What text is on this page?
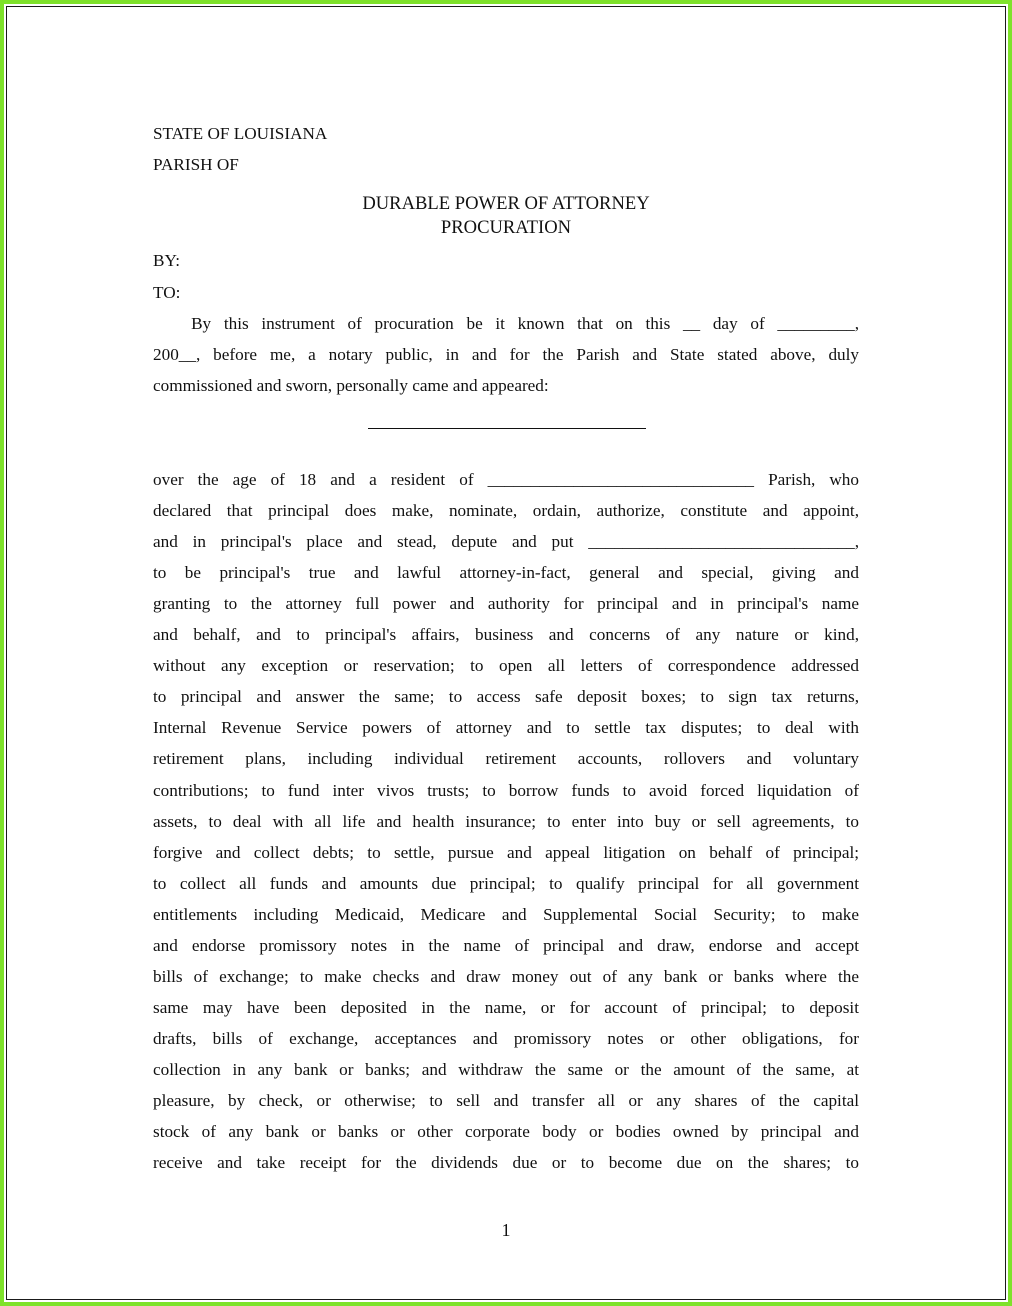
STATE OF LOUISIANA
PARISH OF
DURABLE POWER OF ATTORNEY
PROCURATION
BY:
TO:
By this instrument of procuration be it known that on this __ day of _________,
200__, before me, a notary public, in and for the Parish and State stated above, duly
commissioned and sworn, personally came and appeared:
over the age of 18 and a resident of _______________________________ Parish, who
declared that principal does make, nominate, ordain, authorize, constitute and appoint,
and in principal's place and stead, depute and put _______________________________,
to be principal's true and lawful attorney-in-fact, general and special, giving and
granting to the attorney full power and authority for principal and in principal's name
and behalf, and to principal's affairs, business and concerns of any nature or kind,
without any exception or reservation; to open all letters of correspondence addressed
to principal and answer the same; to access safe deposit boxes; to sign tax returns,
Internal Revenue Service powers of attorney and to settle tax disputes; to deal with
retirement plans, including individual retirement accounts, rollovers and voluntary
contributions; to fund inter vivos trusts; to borrow funds to avoid forced liquidation of
assets, to deal with all life and health insurance; to enter into buy or sell agreements, to
forgive and collect debts; to settle, pursue and appeal litigation on behalf of principal;
to collect all funds and amounts due principal; to qualify principal for all government
entitlements including Medicaid, Medicare and Supplemental Social Security; to make
and endorse promissory notes in the name of principal and draw, endorse and accept
bills of exchange; to make checks and draw money out of any bank or banks where the
same may have been deposited in the name, or for account of principal; to deposit
drafts, bills of exchange, acceptances and promissory notes or other obligations, for
collection in any bank or banks; and withdraw the same or the amount of the same, at
pleasure, by check, or otherwise; to sell and transfer all or any shares of the capital
stock of any bank or banks or other corporate body or bodies owned by principal and
receive and take receipt for the dividends due or to become due on the shares; to
1
